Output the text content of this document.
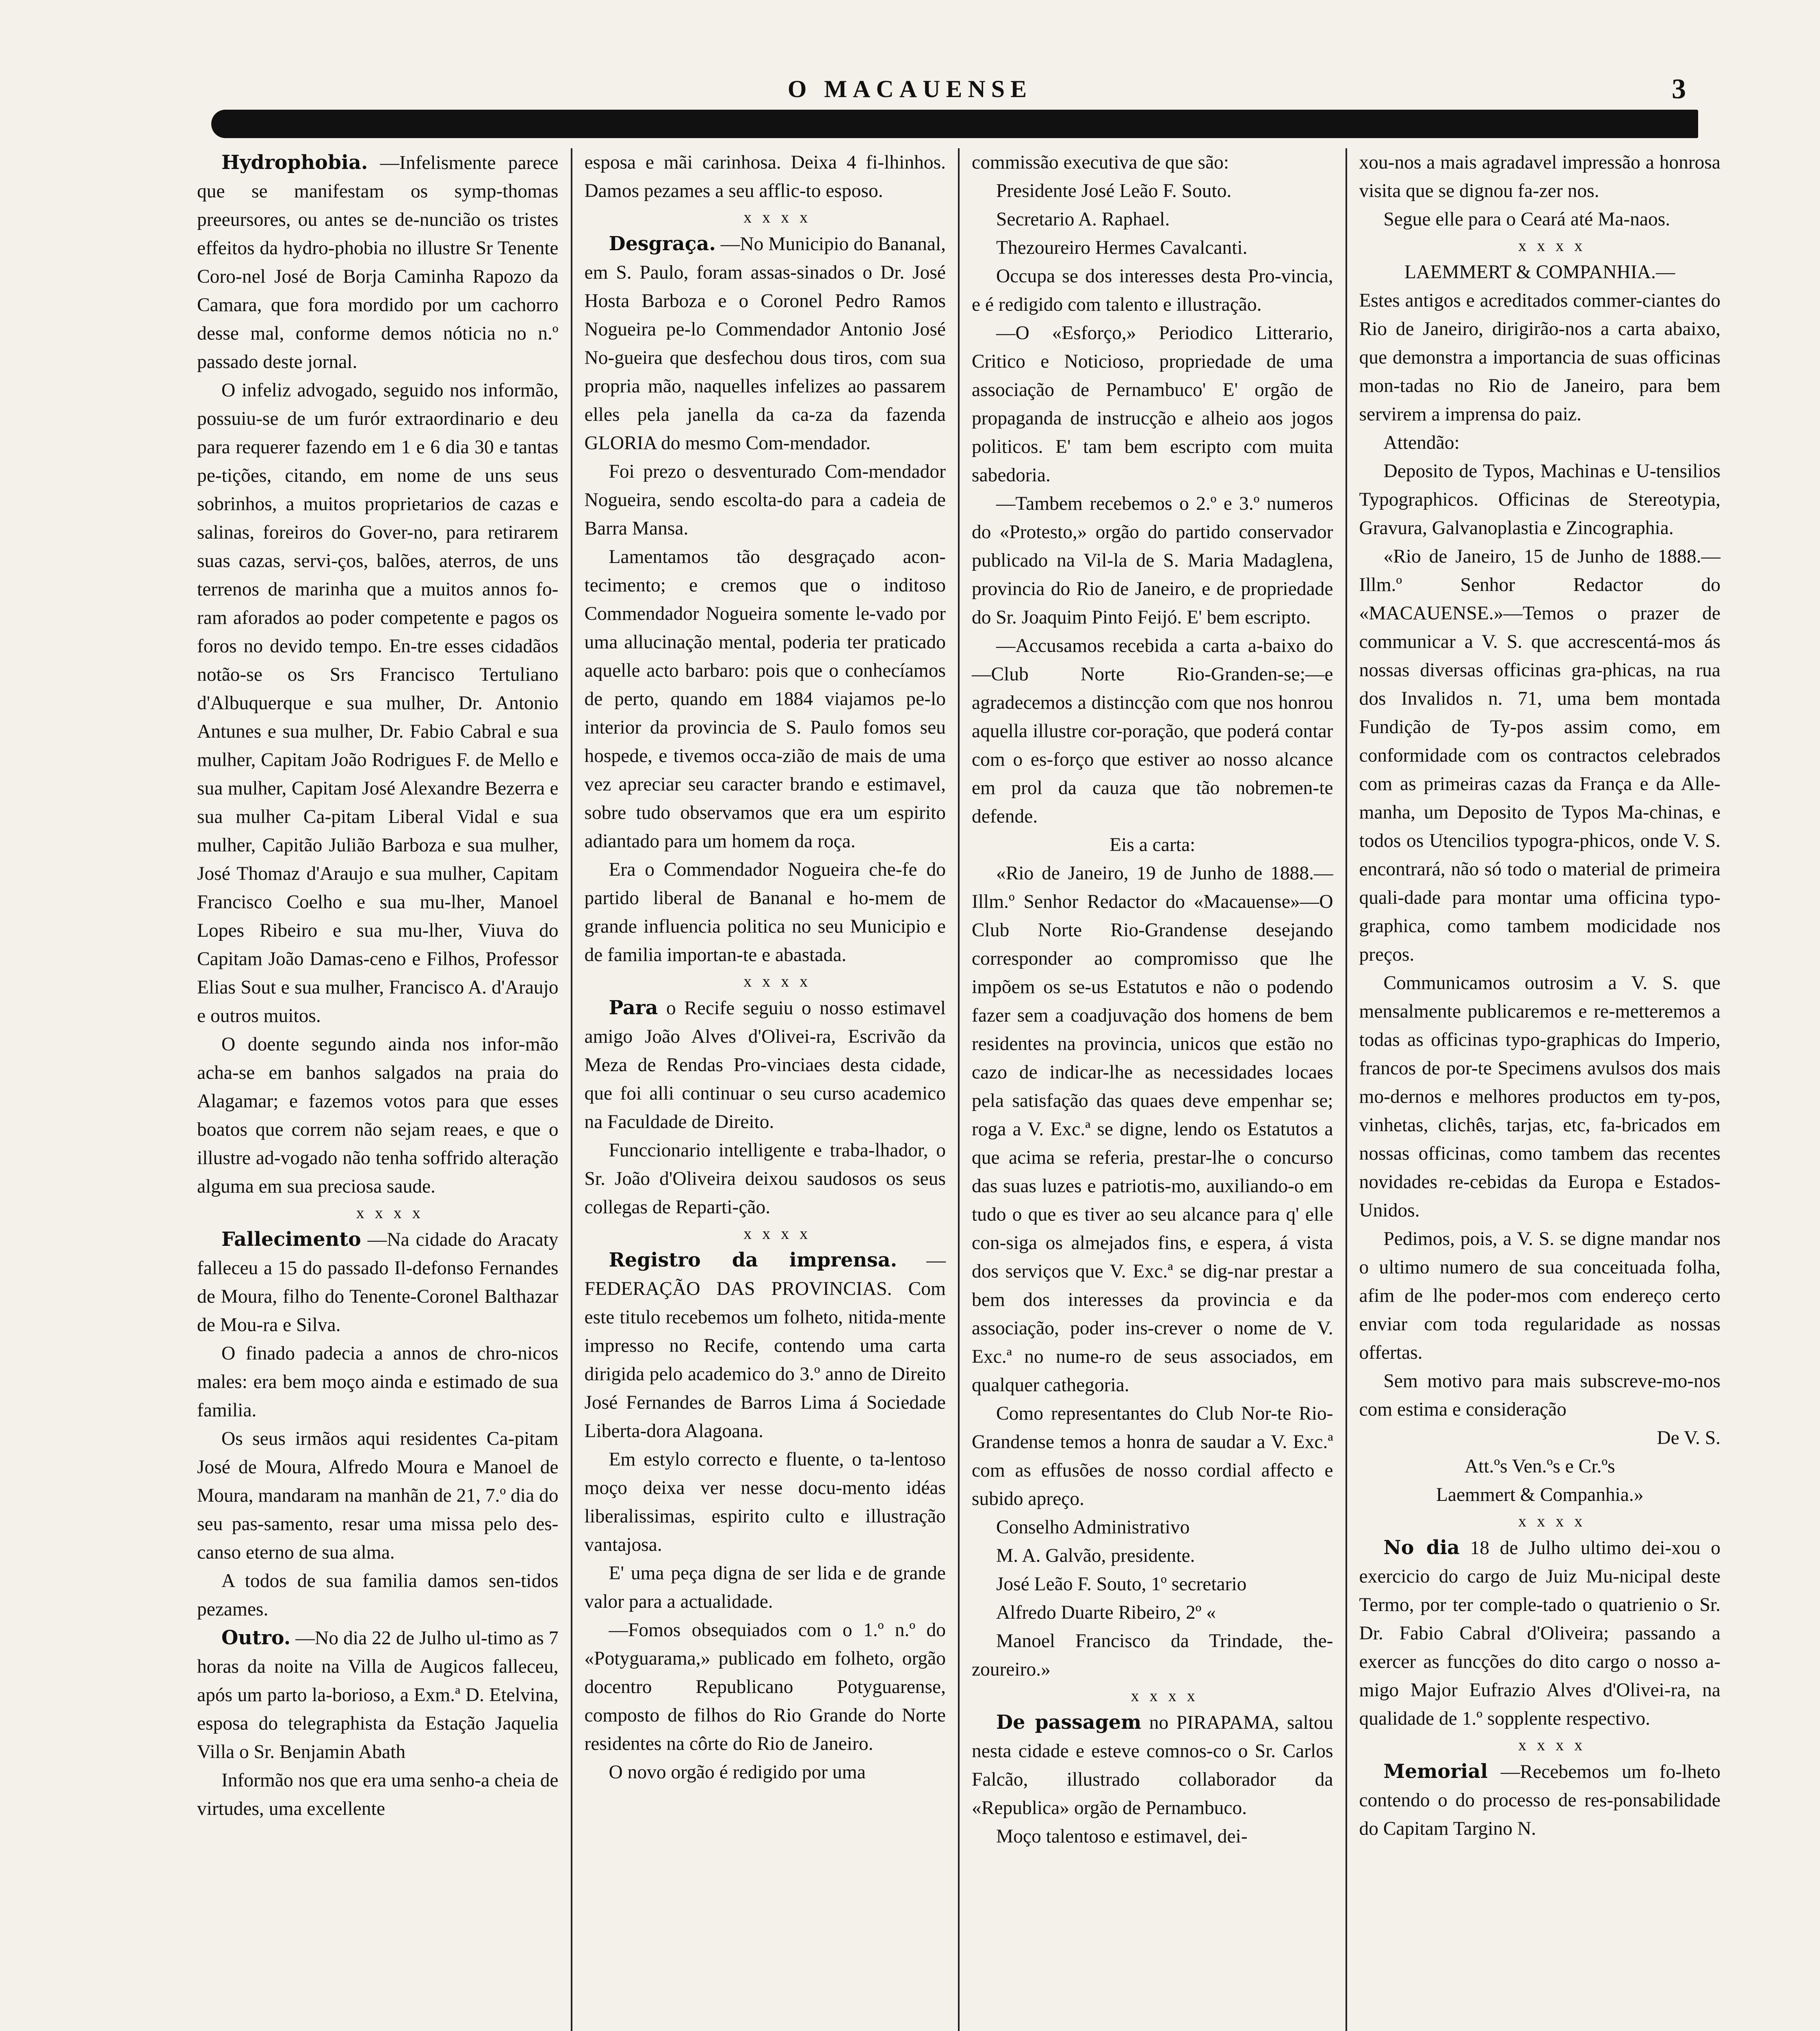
O MACAUENSE	3

Hydrophobia. —Infelismente parece que se manifestam os symp-thomas preeursores, ou antes se de-nuncião os tristes effeitos da hydro-phobia no illustre Sr Tenente Coro-nel José de Borja Caminha Rapozo da Camara, que fora mordido por um cachorro desse mal, conforme demos nóticia no n.º passado deste jornal.

O infeliz advogado, seguido nos informão, possuiu-se de um furór extraordinario e deu para requerer fazendo em 1 e 6 dia 30 e tantas pe-tições, citando, em nome de uns seus sobrinhos, a muitos proprietarios de cazas e salinas, foreiros do Gover-no, para retirarem suas cazas, servi-ços, balões, aterros, de uns terrenos de marinha que a muitos annos fo-ram aforados ao poder competente e pagos os foros no devido tempo. En-tre esses cidadãos notão-se os Srs Francisco Tertuliano d'Albuquerque e sua mulher, Dr. Antonio Antunes e sua mulher, Dr. Fabio Cabral e sua mulher, Capitam João Rodrigues F. de Mello e sua mulher, Capitam José Alexandre Bezerra e sua mulher Ca-pitam Liberal Vidal e sua mulher, Capitão Julião Barboza e sua mulher, José Thomaz d'Araujo e sua mulher, Capitam Francisco Coelho e sua mu-lher, Manoel Lopes Ribeiro e sua mu-lher, Viuva do Capitam João Damas-ceno e Filhos, Professor Elias Sout e sua mulher, Francisco A. d'Araujo e outros muitos.

O doente segundo ainda nos infor-mão acha-se em banhos salgados na praia do Alagamar; e fazemos votos para que esses boatos que correm não sejam reaes, e que o illustre ad-vogado não tenha soffrido alteração alguma em sua preciosa saude.

x x x x

Fallecimento —Na cidade do Aracaty falleceu a 15 do passado Il-defonso Fernandes de Moura, filho do Tenente-Coronel Balthazar de Mou-ra e Silva.

O finado padecia a annos de chro-nicos males: era bem moço ainda e estimado de sua familia.

Os seus irmãos aqui residentes Ca-pitam José de Moura, Alfredo Moura e Manoel de Moura, mandaram na manhãn de 21, 7.º dia do seu pas-samento, resar uma missa pelo des-canso eterno de sua alma.

A todos de sua familia damos sen-tidos pezames.

Outro. —No dia 22 de Julho ul-timo as 7 horas da noite na Villa de Augicos falleceu, após um parto la-borioso, a Exm.ª D. Etelvina, esposa do telegraphista da Estação Jaquelia Villa o Sr. Benjamin Abath

Informão nos que era uma senho-a cheia de virtudes, uma excellente

esposa e mãi carinhosa. Deixa 4 fi-lhinhos. Damos pezames a seu afflic-to esposo.

x x x x

Desgraça. —No Municipio do Bananal, em S. Paulo, foram assas-sinados o Dr. José Hosta Barboza e o Coronel Pedro Ramos Nogueira pe-lo Commendador Antonio José No-gueira que desfechou dous tiros, com sua propria mão, naquelles infelizes ao passarem elles pela janella da ca-za da fazenda GLORIA do mesmo Com-mendador.

Foi prezo o desventurado Com-mendador Nogueira, sendo escolta-do para a cadeia de Barra Mansa.

Lamentamos tão desgraçado acon-tecimento; e cremos que o inditoso Commendador Nogueira somente le-vado por uma allucinação mental, poderia ter praticado aquelle acto barbaro: pois que o conhecíamos de perto, quando em 1884 viajamos pe-lo interior da provincia de S. Paulo fomos seu hospede, e tivemos occa-zião de mais de uma vez apreciar seu caracter brando e estimavel, sobre tudo observamos que era um espirito adiantado para um homem da roça.

Era o Commendador Nogueira che-fe do partido liberal de Bananal e ho-mem de grande influencia politica no seu Municipio e de familia importan-te e abastada.

x x x x

Para o Recife seguiu o nosso estimavel amigo João Alves d'Olivei-ra, Escrivão da Meza de Rendas Pro-vinciaes desta cidade, que foi alli continuar o seu curso academico na Faculdade de Direito.

Funccionario intelligente e traba-lhador, o Sr. João d'Oliveira deixou saudosos os seus collegas de Reparti-ção.

x x x x

Registro da imprensa. — FEDERAÇÃO DAS PROVINCIAS. Com este titulo recebemos um folheto, nitida-mente impresso no Recife, contendo uma carta dirigida pelo academico do 3.º anno de Direito José Fernandes de Barros Lima á Sociedade Liberta-dora Alagoana.

Em estylo correcto e fluente, o ta-lentoso moço deixa ver nesse docu-mento idéas liberalissimas, espirito culto e illustração vantajosa.

E' uma peça digna de ser lida e de grande valor para a actualidade.

—Fomos obsequiados com o 1.º n.º do «Potyguarama,» publicado em folheto, orgão docentro Republicano Potyguarense, composto de filhos do Rio Grande do Norte residentes na côrte do Rio de Janeiro.

O novo orgão é redigido por uma

commissão executiva de que são:

Presidente José Leão F. Souto.

Secretario A. Raphael.

Thezoureiro Hermes Cavalcanti.

Occupa se dos interesses desta Pro-vincia, e é redigido com talento e illustração.

—O «Esforço,» Periodico Litterario, Critico e Noticioso, propriedade de uma associação de Pernambuco' E' orgão de propaganda de instrucção e alheio aos jogos politicos. E' tam bem escripto com muita sabedoria.

—Tambem recebemos o 2.º e 3.º numeros do «Protesto,» orgão do partido conservador publicado na Vil-la de S. Maria Madaglena, provincia do Rio de Janeiro, e de propriedade do Sr. Joaquim Pinto Feijó. E' bem escripto.

—Accusamos recebida a carta a-baixo do—Club Norte Rio-Granden-se;—e agradecemos a distincção com que nos honrou aquella illustre cor-poração, que poderá contar com o es-forço que estiver ao nosso alcance em prol da cauza que tão nobremen-te defende.

Eis a carta:

«Rio de Janeiro, 19 de Junho de 1888.—Illm.º Senhor Redactor do «Macauense»—O Club Norte Rio-Grandense desejando corresponder ao compromisso que lhe impõem os se-us Estatutos e não o podendo fazer sem a coadjuvação dos homens de bem residentes na provincia, unicos que estão no cazo de indicar-lhe as necessidades locaes pela satisfação das quaes deve empenhar se; roga a V. Exc.ª se digne, lendo os Estatutos a que acima se referia, prestar-lhe o concurso das suas luzes e patriotis-mo, auxiliando-o em tudo o que es tiver ao seu alcance para q' elle con-siga os almejados fins, e espera, á vista dos serviços que V. Exc.ª se dig-nar prestar a bem dos interesses da provincia e da associação, poder ins-crever o nome de V. Exc.ª no nume-ro de seus associados, em qualquer cathegoria.

Como representantes do Club Nor-te Rio-Grandense temos a honra de saudar a V. Exc.ª com as effusões de nosso cordial affecto e subido apreço.

Conselho Administrativo

M. A. Galvão, presidente.

José Leão F. Souto, 1º secretario

Alfredo Duarte Ribeiro, 2º «

Manoel Francisco da Trindade, the-zoureiro.»

x x x x

De passagem no PIRAPAMA, saltou nesta cidade e esteve comnos-co o Sr. Carlos Falcão, illustrado collaborador da «Republica» orgão de Pernambuco.

Moço talentoso e estimavel, dei-

xou-nos a mais agradavel impressão a honrosa visita que se dignou fa-zer nos.

Segue elle para o Ceará até Ma-naos.

x x x x

LAEMMERT & COMPANHIA.—

Estes antigos e acreditados commer-ciantes do Rio de Janeiro, dirigirão-nos a carta abaixo, que demonstra a importancia de suas officinas mon-tadas no Rio de Janeiro, para bem servirem a imprensa do paiz.

Attendão:

Deposito de Typos, Machinas e U-tensilios Typographicos. Officinas de Stereotypia, Gravura, Galvanoplastia e Zincographia.

«Rio de Janeiro, 15 de Junho de 1888.—Illm.º Senhor Redactor do «MACAUENSE.»—Temos o prazer de communicar a V. S. que accrescentá-mos ás nossas diversas officinas gra-phicas, na rua dos Invalidos n. 71, uma bem montada Fundição de Ty-pos assim como, em conformidade com os contractos celebrados com as primeiras cazas da França e da Alle-manha, um Deposito de Typos Ma-chinas, e todos os Utencilios typogra-phicos, onde V. S. encontrará, não só todo o material de primeira quali-dade para montar uma officina typo-graphica, como tambem modicidade nos preços.

Communicamos outrosim a V. S. que mensalmente publicaremos e re-metteremos a todas as officinas typo-graphicas do Imperio, francos de por-te Specimens avulsos dos mais mo-dernos e melhores productos em ty-pos, vinhetas, clichês, tarjas, etc, fa-bricados em nossas officinas, como tambem das recentes novidades re-cebidas da Europa e Estados-Unidos.

Pedimos, pois, a V. S. se digne mandar nos o ultimo numero de sua conceituada folha, afim de lhe poder-mos com endereço certo enviar com toda regularidade as nossas offertas.

Sem motivo para mais subscreve-mo-nos com estima e consideração

De V. S.

Att.ºs Ven.ºs e Cr.ºs

Laemmert & Companhia.»

x x x x

No dia 18 de Julho ultimo dei-xou o exercicio do cargo de Juiz Mu-nicipal deste Termo, por ter comple-tado o quatrienio o Sr. Dr. Fabio Cabral d'Oliveira; passando a exercer as funcções do dito cargo o nosso a-migo Major Eufrazio Alves d'Olivei-ra, na qualidade de 1.º sopplente respectivo.

x x x x

Memorial —Recebemos um fo-lheto contendo o do processo de res-ponsabilidade do Capitam Targino N.
